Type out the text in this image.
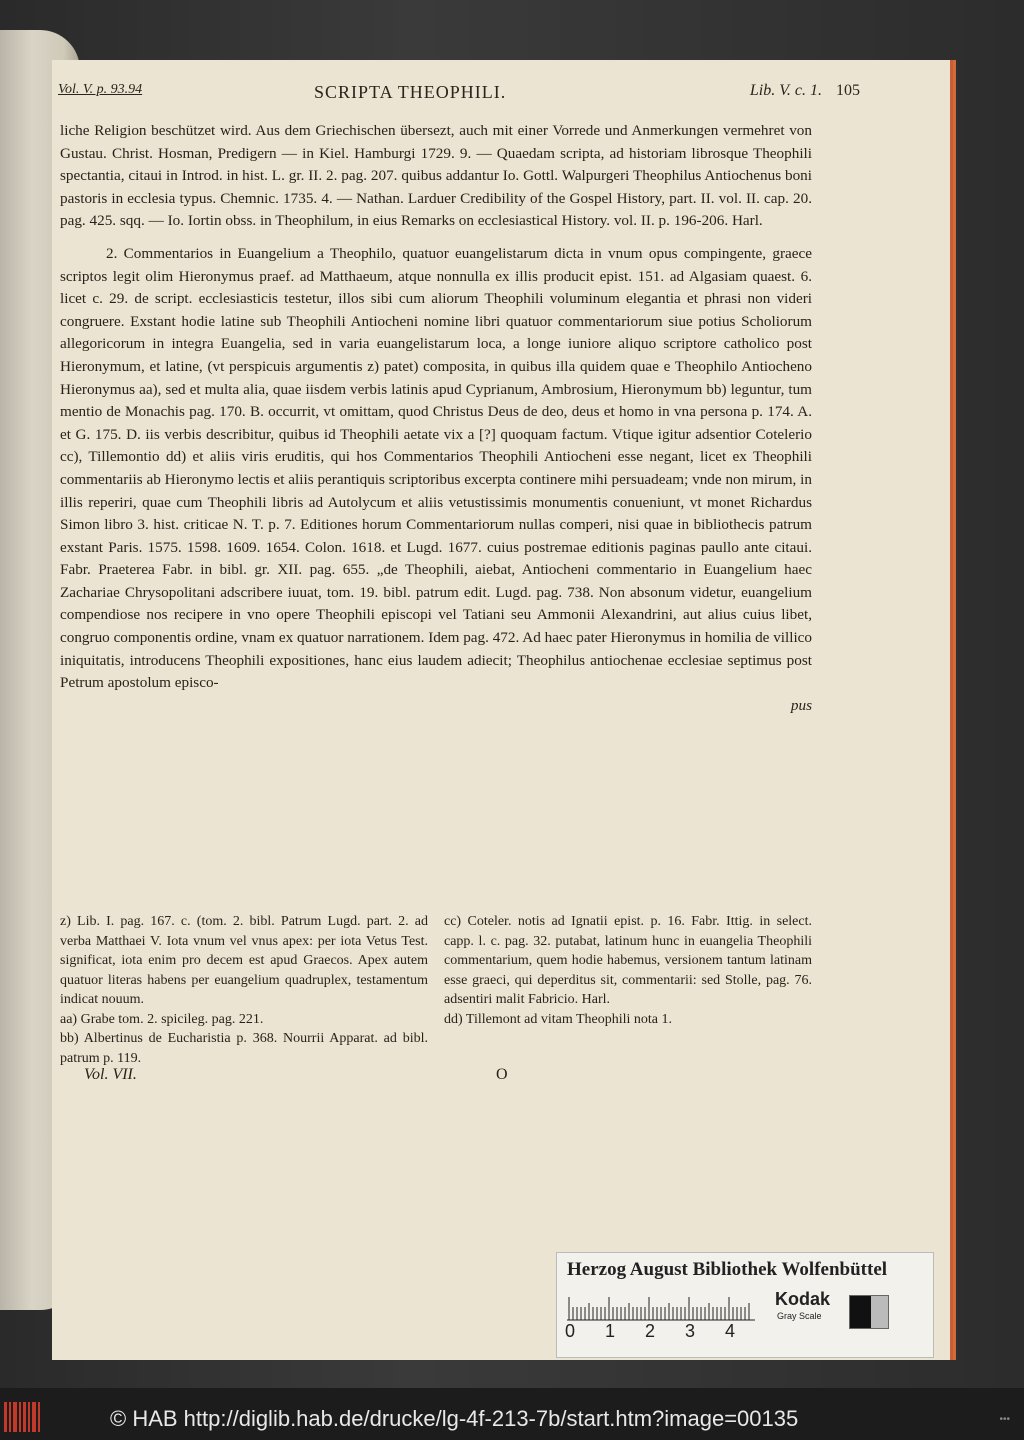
Vol. V. p. 93.94	SCRIPTA THEOPHILI.	Lib. V. c. 1. 105

liche Religion beschützet wird. Aus dem Griechischen übersezt, auch mit einer Vorrede und Anmerkungen vermehret von Gustau. Christ. Hosman, Predigern — in Kiel. Hamburgi 1729. 9. — Quaedam scripta, ad historiam librosque Theophili spectantia, citaui in Introd. in hist. L. gr. II. 2. pag. 207. quibus addantur Io. Gottl. Walpurgeri Theophilus Antiochenus boni pastoris in ecclesia typus. Chemnic. 1735. 4. — Nathan. Larduer Credibility of the Gospel History, part. II. vol. II. cap. 20. pag. 425. sqq. — Io. Iortin obss. in Theophilum, in eius Remarks on ecclesiastical History. vol. II. p. 196-206. Harl.

2. Commentarios in Euangelium a Theophilo, quatuor euangelistarum dicta in vnum opus compingente, graece scriptos legit olim Hieronymus praef. ad Matthaeum, atque nonnulla ex illis producit epist. 151. ad Algasiam quaest. 6. licet c. 29. de script. ecclesiasticis testetur, illos sibi cum aliorum Theophili voluminum elegantia et phrasi non videri congruere. Exstant hodie latine sub Theophili Antiocheni nomine libri quatuor commentariorum siue potius Scholiorum allegoricorum in integra Euangelia, sed in varia euangelistarum loca, a longe iuniore aliquo scriptore catholico post Hieronymum, et latine, (vt perspicuis argumentis z) patet) composita, in quibus illa quidem quae e Theophilo Antiocheno Hieronymus aa), sed et multa alia, quae iisdem verbis latinis apud Cyprianum, Ambrosium, Hieronymum bb) leguntur, tum mentio de Monachis pag. 170. B. occurrit, vt omittam, quod Christus Deus de deo, deus et homo in vna persona p. 174. A. et G. 175. D. iis verbis describitur, quibus id Theophili aetate vix a [?] quoquam factum. Vtique igitur adsentior Cotelerio cc), Tillemontio dd) et aliis viris eruditis, qui hos Commentarios Theophili Antiocheni esse negant, licet ex Theophili commentariis ab Hieronymo lectis et aliis perantiquis scriptoribus excerpta continere mihi persuadeam; vnde non mirum, in illis reperiri, quae cum Theophili libris ad Autolycum et aliis vetustissimis monumentis conueniunt, vt monet Richardus Simon libro 3. hist. criticae N. T. p. 7. Editiones horum Commentariorum nullas comperi, nisi quae in bibliothecis patrum exstant Paris. 1575. 1598. 1609. 1654. Colon. 1618. et Lugd. 1677. cuius postremae editionis paginas paullo ante citaui. Fabr. Praeterea Fabr. in bibl. gr. XII. pag. 655. „de Theophili, aiebat, Antiocheni commentario in Euangelium haec Zachariae Chrysopolitani adscribere iuuat, tom. 19. bibl. patrum edit. Lugd. pag. 738. Non absonum videtur, euangelium compendiose nos recipere in vno opere Theophili episcopi vel Tatiani seu Ammonii Alexandrini, aut alius cuius libet, congruo componentis ordine, vnam ex quatuor narrationem. Idem pag. 472. Ad haec pater Hieronymus in homilia de villico iniquitatis, introducens Theophili expositiones, hanc eius laudem adiecit; Theophilus antiochenae ecclesiae septimus post Petrum apostolum episco-

pus

z) Lib. I. pag. 167. c. (tom. 2. bibl. Patrum Lugd. part. 2. ad verba Matthaei V. Iota vnum vel vnus apex: per iota Vetus Test. significat, iota enim pro decem est apud Graecos. Apex autem quatuor literas habens per euangelium quadruplex, testamentum indicat nouum.

aa) Grabe tom. 2. spicileg. pag. 221.

bb) Albertinus de Eucharistia p. 368. Nourrii Apparat. ad bibl. patrum p. 119.

cc) Coteler. notis ad Ignatii epist. p. 16. Fabr. Ittig. in select. capp. l. c. pag. 32. putabat, latinum hunc in euangelia Theophili commentarium, quem hodie habemus, versionem tantum latinam esse graeci, qui deperditus sit, commentarii: sed Stolle, pag. 76. adsentiri malit Fabricio. Harl.

dd) Tillemont ad vitam Theophili nota 1.

Vol. VII.	O
Herzog August Bibliothek Wolfenbüttel
0 1 2 3 4
Kodak
Gray Scale
© HAB http://diglib.hab.de/drucke/lg-4f-213-7b/start.htm?image=00135	•••
